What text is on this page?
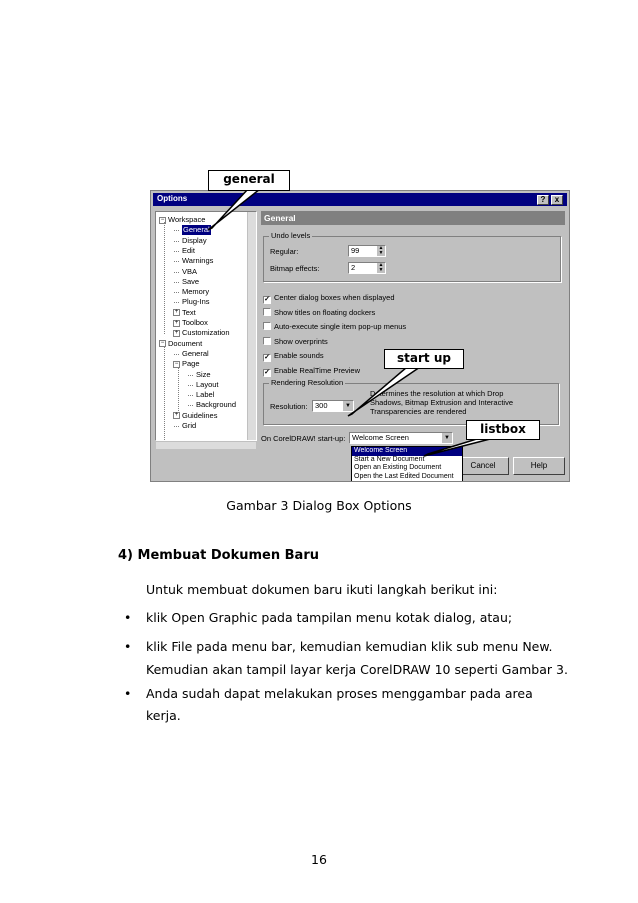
Options	?	x
− Workspace
General
Display
Edit
Warnings
VBA
Save
Memory
Plug-Ins
+ Text
+ Toolbox
+ Customization
− Document
General
− Page
Size
Layout
Label
Background
+ Guidelines
Grid
General
Undo levels
Regular:	99	▲
▼
Bitmap effects:	2	▲
▼
✓ Center dialog boxes when displayed
Show titles on floating dockers
Auto-execute single item pop-up menus
Show overprints
✓ Enable sounds
✓ Enable RealTime Preview
Rendering Resolution
Resolution: 300	▼
Determines the resolution at which Drop
Shadows, Bitmap Extrusion and Interactive
Transparencies are rendered
On CorelDRAW! start-up: Welcome Screen	▼
Cancel	Help
Welcome Screen
Start a New Document
Open an Existing Document
Open the Last Edited Document
general
start up
listbox
Gambar 3 Dialog Box Options
4) Membuat Dokumen Baru
Untuk membuat dokumen baru ikuti langkah berikut ini:
• klik Open Graphic pada tampilan menu kotak dialog, atau;
• klik File pada menu bar, kemudian kemudian klik sub menu New.
Kemudian akan tampil layar kerja CorelDRAW 10 seperti Gambar 3.
• Anda sudah dapat melakukan proses menggambar pada area
kerja.
16
